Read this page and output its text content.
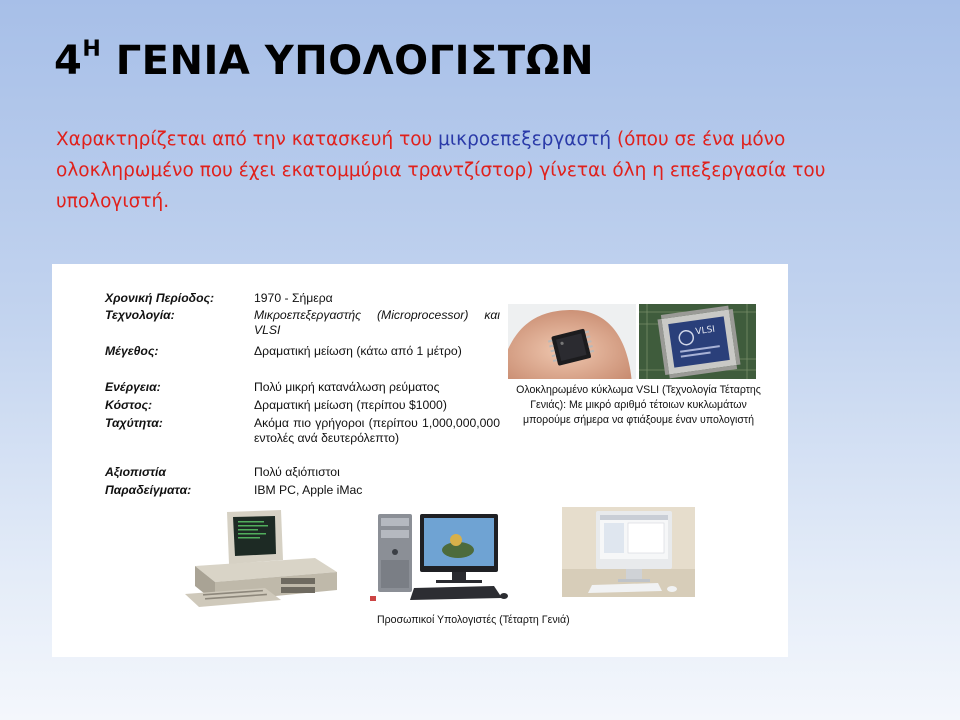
$4^H$ ΓΕΝΙΑ ΥΠΟΛΟΓΙΣΤΩΝ

Χαρακτηρίζεται από την κατασκευή του μικροεπεξεργαστή (όπου σε ένα μόνο ολοκληρωμένο που έχει εκατομμύρια τραντζίστορ) γίνεται όλη η επεξεργασία του υπολογιστή.

Χρονική Περίοδος:	1970 - Σήμερα
Τεχνολογία:	Μικροεπεξεργαστής (Microprocessor) και VLSI
Μέγεθος:	Δραματική μείωση (κάτω από 1 μέτρο)
Ενέργεια:	Πολύ μικρή κατανάλωση ρεύματος
Κόστος:	Δραματική μείωση (περίπου $1000)
Ταχύτητα:	Ακόμα πιο γρήγοροι (περίπου 1,000,000,000 εντολές ανά δευτερόλεπτο)
Αξιοπιστία	Πολύ αξιόπιστοι
Παραδείγματα:	IBM PC, Apple iMac
VLSI
Ολοκληρωμένο κύκλωμα VSLI (Τεχνολογία Τέταρτης Γενιάς): Με μικρό αριθμό τέτοιων κυκλωμάτων μπορούμε σήμερα να φτιάξουμε έναν υπολογιστή
Προσωπικοί Υπολογιστές (Τέταρτη Γενιά)
